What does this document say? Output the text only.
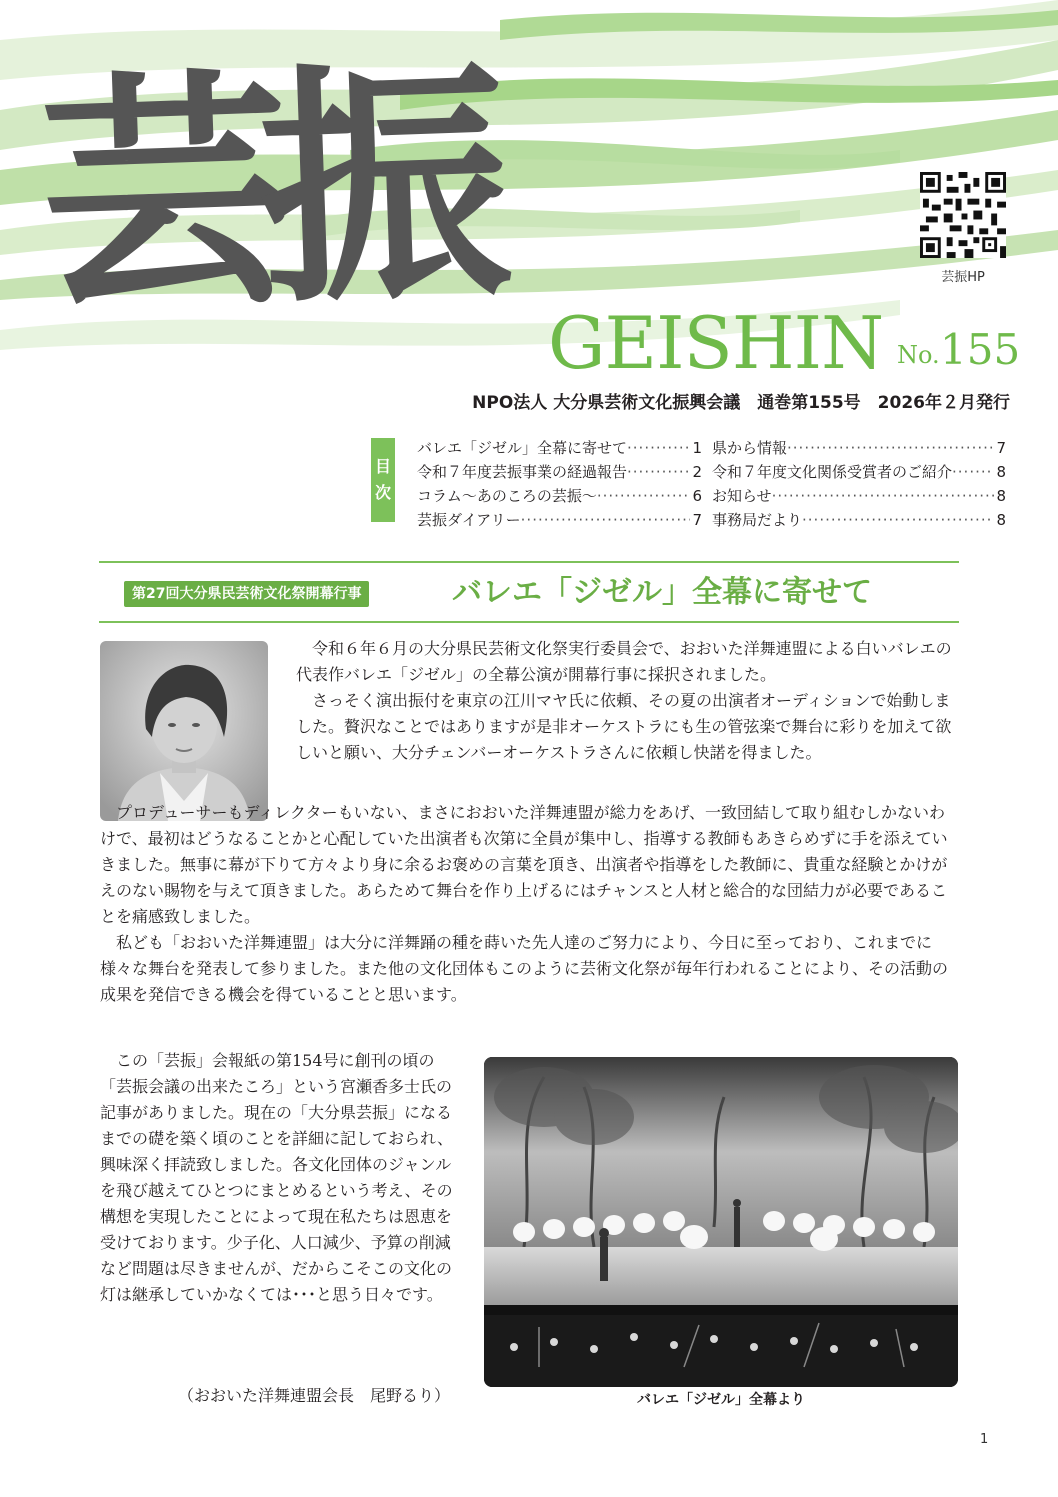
芸振 GEISHIN No. 155
芸振HP
NPO法人 大分県芸術文化振興会議　通巻第155号　2026年２月発行
目
次
バレエ「ジゼル」全幕に寄せて ·····	1
令和７年度芸振事業の経過報告 ·····	2
コラム～あのころの芸振～ ·····	6
芸振ダイアリー ·····	7
県から情報 ·····	7
令和７年度文化関係受賞者のご紹介 ·····	8
お知らせ ·····	8
事務局だより ·····	8
第27回大分県民芸術文化祭開幕行事	バレエ「ジゼル」全幕に寄せて

令和６年６月の大分県民芸術文化祭実行委員会で、おおいた洋舞連盟による白いバレエの代表作バレエ「ジゼル」の全幕公演が開幕行事に採択されました。

さっそく演出振付を東京の江川マヤ氏に依頼、その夏の出演者オーディションで始動しました。贅沢なことではありますが是非オーケストラにも生の管弦楽で舞台に彩りを加えて欲しいと願い、大分チェンバーオーケストラさんに依頼し快諾を得ました。

プロデューサーもディレクターもいない、まさにおおいた洋舞連盟が総力をあげ、一致団結して取り組むしかないわけで、最初はどうなることかと心配していた出演者も次第に全員が集中し、指導する教師もあきらめずに手を添えていきました。無事に幕が下りて方々より身に余るお褒めの言葉を頂き、出演者や指導をした教師に、貴重な経験とかけがえのない賜物を与えて頂きました。あらためて舞台を作り上げるにはチャンスと人材と総合的な団結力が必要であることを痛感致しました。

私ども「おおいた洋舞連盟」は大分に洋舞踊の種を蒔いた先人達のご努力により、今日に至っており、これまでに様々な舞台を発表して参りました。また他の文化団体もこのように芸術文化祭が毎年行われることにより、その活動の成果を発信できる機会を得ていることと思います。

この「芸振」会報紙の第154号に創刊の頃の「芸振会議の出来たころ」という宮瀬香多士氏の記事がありました。現在の「大分県芸振」になるまでの礎を築く頃のことを詳細に記しておられ、興味深く拝読致しました。各文化団体のジャンルを飛び越えてひとつにまとめるという考え、その構想を実現したことによって現在私たちは恩恵を受けております。少子化、人口減少、予算の削減など問題は尽きませんが、だからこそこの文化の灯は継承していかなくては･･･と思う日々です。

（おおいた洋舞連盟会長　尾野るり）	バレエ「ジゼル」全幕より
1
